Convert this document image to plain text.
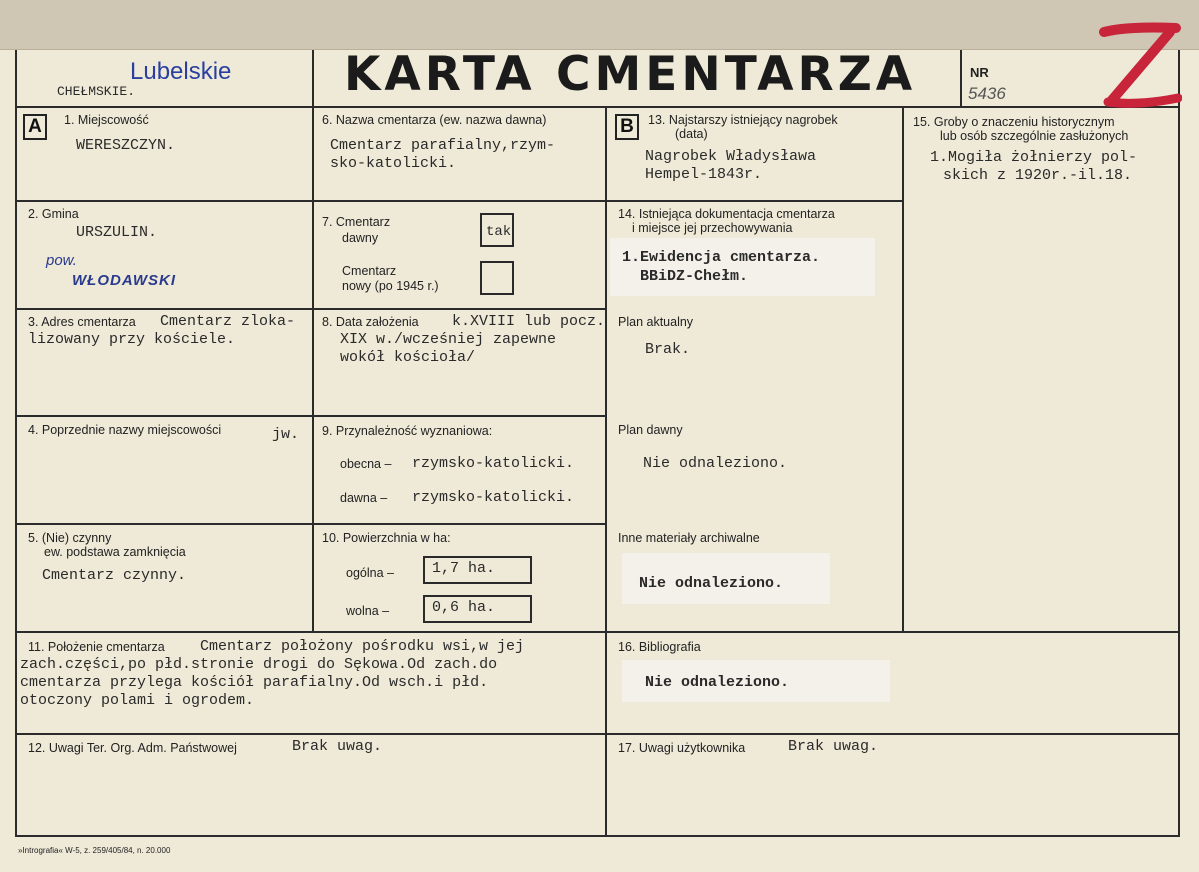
Lubelskie
CHEŁMSKIE.	KARTA CMENTARZA	NR
5436
A	B
1. Miejscowość
WERESZCZYN.
2. Gmina
URSZULIN.
pow.
WŁODAWSKI
3. Adres cmentarza Cmentarz zloka-
lizowany przy kościele.
4. Poprzednie nazwy miejscowości	jw.
5. (Nie) czynny
ew. podstawa zamknięcia
Cmentarz czynny.
6. Nazwa cmentarza (ew. nazwa dawna)
Cmentarz parafialny,rzym-
sko-katolicki.
7. Cmentarz
dawny	tak
Cmentarz
nowy (po 1945 r.)
8. Data założenia k.XVIII lub pocz.
XIX w./wcześniej zapewne
wokół kościoła/
9. Przynależność wyznaniowa:
obecna – rzymsko-katolicki.
dawna – rzymsko-katolicki.
10. Powierzchnia w ha:
ogólna –	1,7 ha.
wolna –	0,6 ha.
11. Położenie cmentarza Cmentarz położony pośrodku wsi,w jej
zach.części,po płd.stronie drogi do Sękowa.Od zach.do
cmentarza przylega kościół parafialny.Od wsch.i płd.
otoczony polami i ogrodem.
12. Uwagi Ter. Org. Adm. Państwowej	Brak uwag.
13. Najstarszy istniejący nagrobek
(data)
Nagrobek Władysława
Hempel-1843r.
14. Istniejąca dokumentacja cmentarza
i miejsce jej przechowywania
1.Ewidencja cmentarza.
BBiDZ-Chełm.
Plan aktualny
Brak.
Plan dawny
Nie odnaleziono.
Inne materiały archiwalne
Nie odnaleziono.
15. Groby o znaczeniu historycznym
lub osób szczególnie zasłużonych
1.Mogiła żołnierzy pol-
skich z 1920r.-il.18.
16. Bibliografia
Nie odnaleziono.
17. Uwagi użytkownika	Brak uwag.
»Intrografia« W-5, z. 259/405/84, n. 20.000
